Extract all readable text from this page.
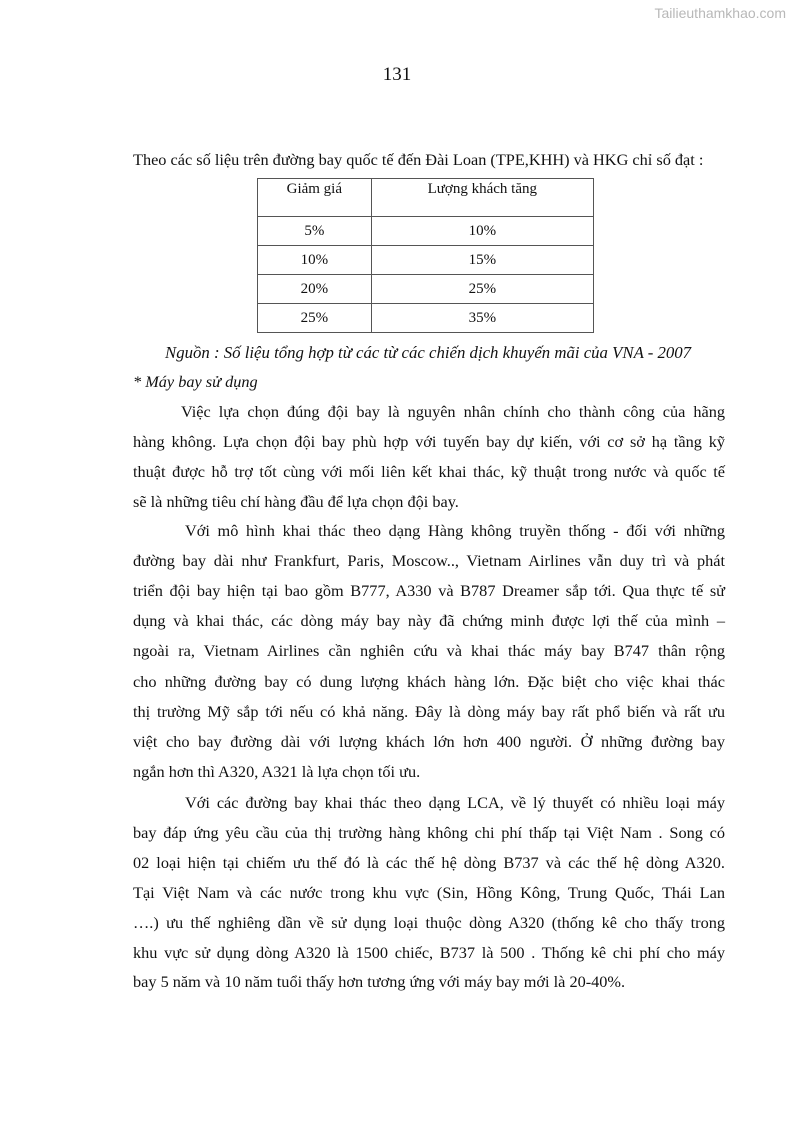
Tailieuthamkhao.com
131
Theo các số liệu trên đường bay quốc tế đến Đài Loan (TPE,KHH) và HKG chỉ số đạt :
Giảm giá	Lượng khách tăng
5%	10%
10%	15%
20%	25%
25%	35%
Nguồn : Số liệu tổng hợp từ các từ các chiến dịch khuyến mãi của VNA - 2007
* Máy bay sử dụng
Việc lựa chọn đúng đội bay là nguyên nhân chính cho thành công của hãng
hàng không. Lựa chọn đội bay phù hợp với tuyến bay dự kiến, với cơ sở hạ tầng kỹ
thuật được hỗ trợ tốt cùng với mối liên kết khai thác, kỹ thuật trong nước và quốc tế
sẽ là những tiêu chí hàng đầu để lựa chọn đội bay.
Với mô hình khai thác theo dạng Hàng không truyền thống - đối với những
đường bay dài như Frankfurt, Paris, Moscow.., Vietnam Airlines vẫn duy trì và phát
triển đội bay hiện tại bao gồm B777, A330 và B787 Dreamer sắp tới. Qua thực tế sử
dụng và khai thác, các dòng máy bay này đã chứng minh được lợi thế của mình –
ngoài ra, Vietnam Airlines cần nghiên cứu và khai thác máy bay B747 thân rộng
cho những đường bay có dung lượng khách hàng lớn. Đặc biệt cho việc khai thác
thị trường Mỹ sắp tới nếu có khả năng. Đây là dòng máy bay rất phổ biến và rất ưu
việt cho bay đường dài với lượng khách lớn hơn 400 người. Ở những đường bay
ngắn hơn thì A320, A321 là lựa chọn tối ưu.
Với các đường bay khai thác theo dạng LCA, về lý thuyết có nhiều loại máy
bay đáp ứng yêu cầu của thị trường hàng không chi phí thấp tại Việt Nam . Song có
02 loại hiện tại chiếm ưu thế đó là các thế hệ dòng B737 và các thế hệ dòng A320.
Tại Việt Nam và các nước trong khu vực (Sin, Hồng Kông, Trung Quốc, Thái Lan
….) ưu thế nghiêng dần về sử dụng loại thuộc dòng A320 (thống kê cho thấy trong
khu vực sử dụng dòng A320 là 1500 chiếc, B737 là 500 . Thống kê chi phí cho máy
bay 5 năm và 10 năm tuổi thấy hơn tương ứng với máy bay mới là 20-40%.
